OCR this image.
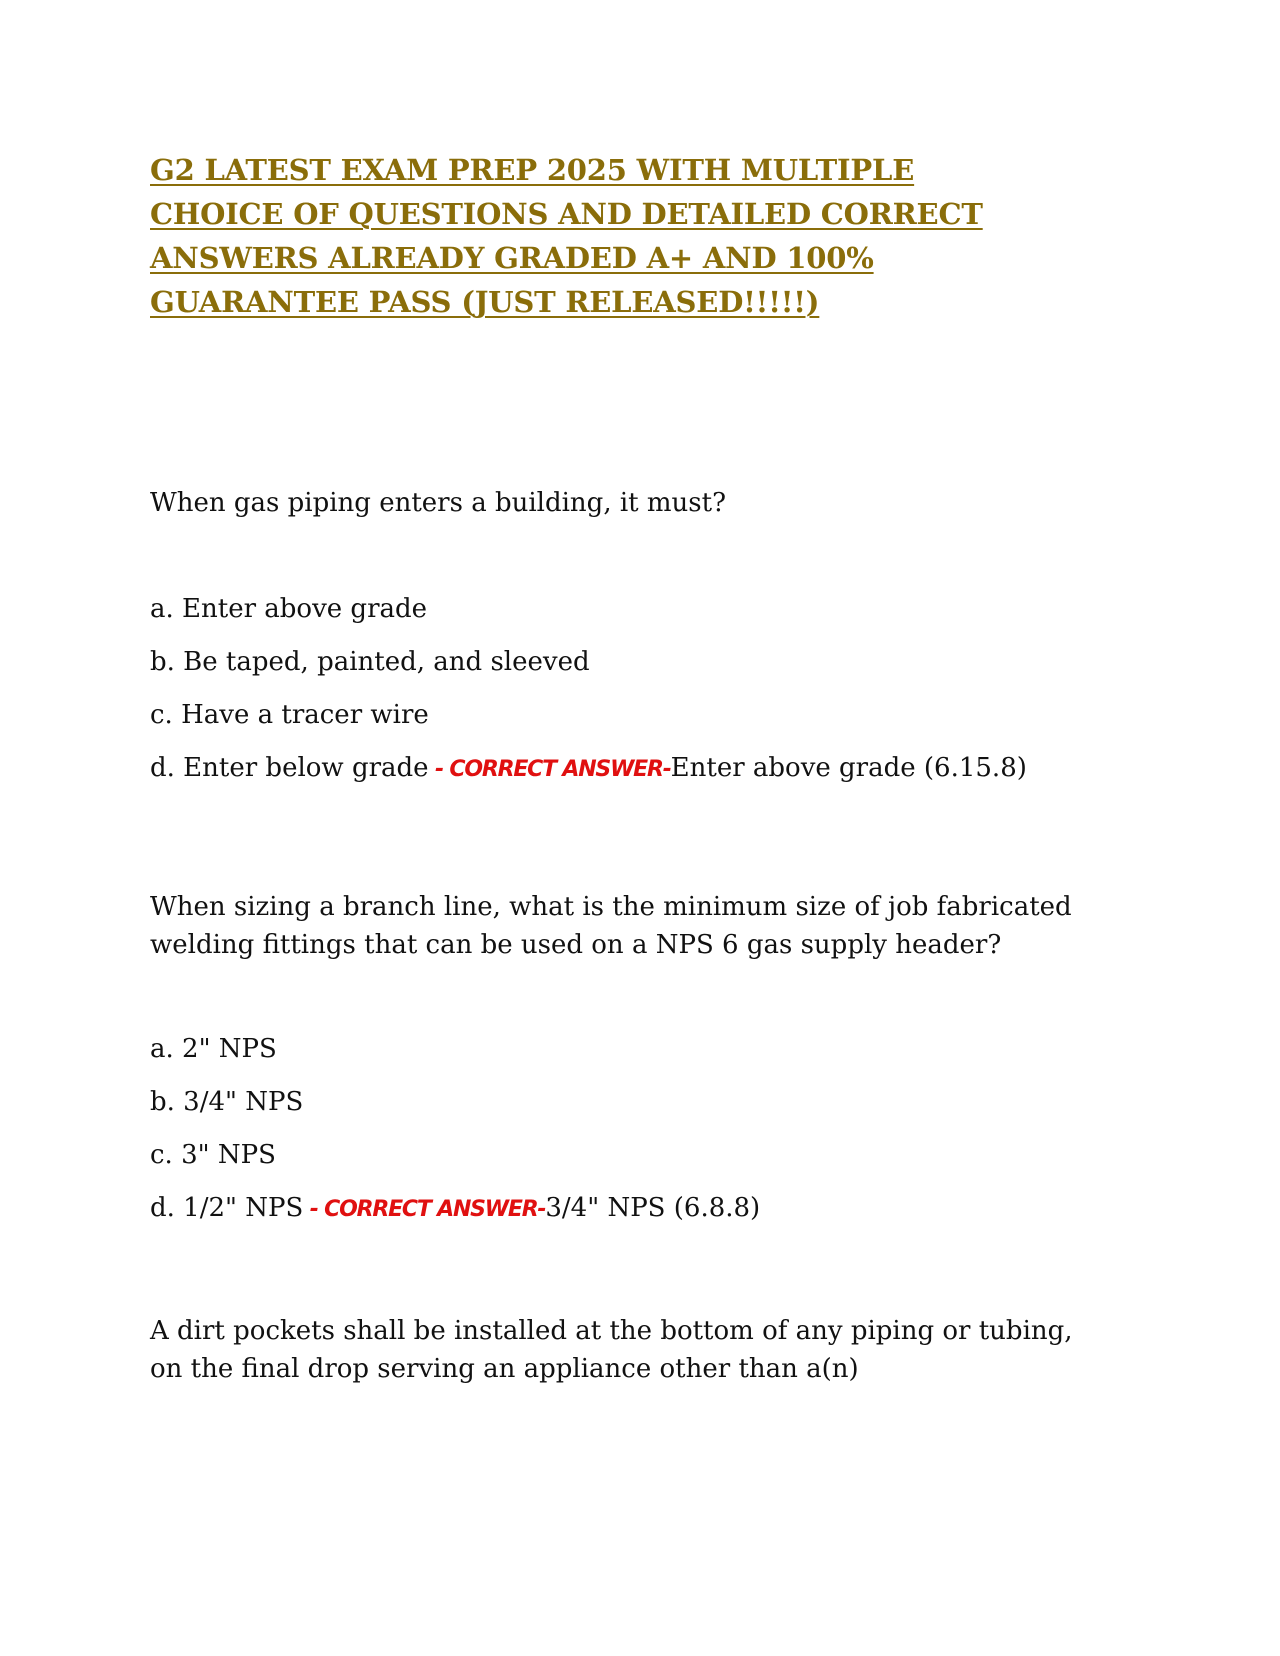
G2 LATEST EXAM PREP 2025 WITH MULTIPLE
CHOICE OF QUESTIONS AND DETAILED CORRECT
ANSWERS ALREADY GRADED A+ AND 100%
GUARANTEE PASS (JUST RELEASED!!!!!)

When gas piping enters a building, it must?

a. Enter above grade
b. Be taped, painted, and sleeved
c. Have a tracer wire
d. Enter below grade - CORRECT ANSWER-Enter above grade (6.15.8)

When sizing a branch line, what is the minimum size of job fabricated welding fittings that can be used on a NPS 6 gas supply header?

a. 2" NPS
b. 3/4" NPS
c. 3" NPS
d. 1/2" NPS - CORRECT ANSWER-3/4" NPS (6.8.8)

A dirt pockets shall be installed at the bottom of any piping or tubing, on the final drop serving an appliance other than a(n)
